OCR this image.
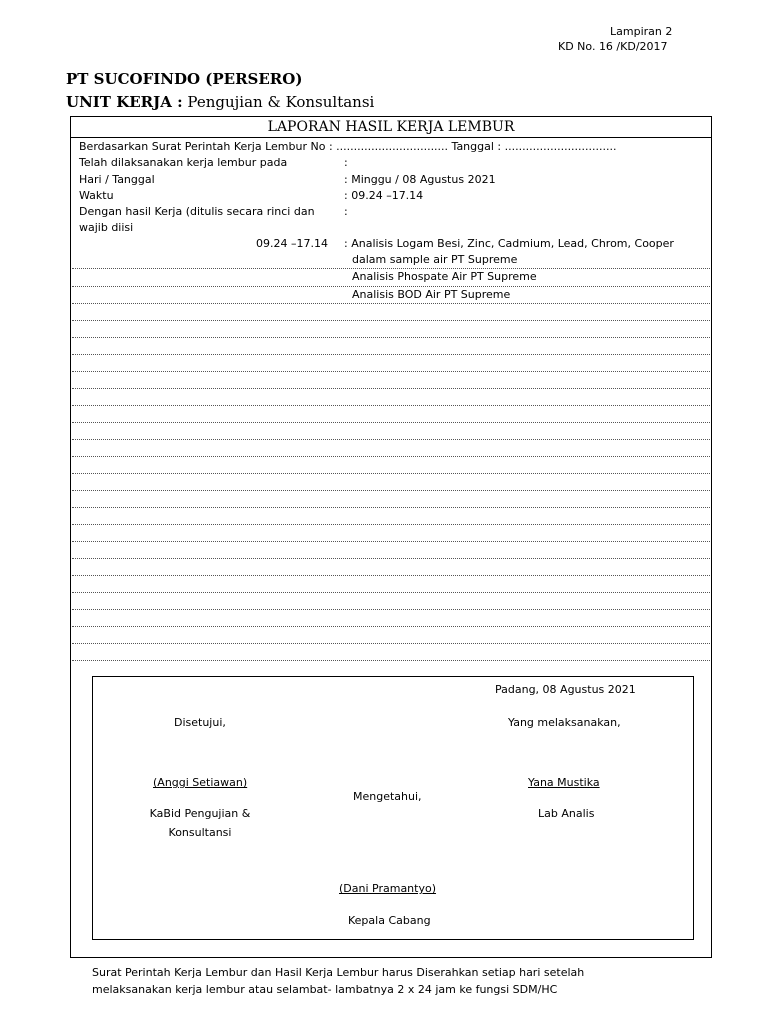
Lampiran 2
KD No. 16 /KD/2017
PT SUCOFINDO (PERSERO)
UNIT KERJA : Pengujian & Konsultansi
LAPORAN HASIL KERJA LEMBUR
Berdasarkan Surat Perintah Kerja Lembur No : ................................ Tanggal : ................................
Telah dilaksanakan kerja lembur pada	:
Hari / Tanggal	: Minggu / 08 Agustus 2021
Waktu	: 09.24 –17.14
Dengan hasil Kerja (ditulis secara rinci dan	:
wajib diisi
09.24 –17.14 : Analisis Logam Besi, Zinc, Cadmium, Lead, Chrom, Cooper
dalam sample air PT Supreme
Analisis Phospate Air PT Supreme
Analisis BOD Air PT Supreme
Padang, 08 Agustus 2021
Disetujui,	Yang melaksanakan,
(Anggi Setiawan)	Yana Mustika
Mengetahui,
KaBid Pengujian &
Konsultansi
Lab Analis
(Dani Pramantyo)
Kepala Cabang
Surat Perintah Kerja Lembur dan Hasil Kerja Lembur harus Diserahkan setiap hari setelah
melaksanakan kerja lembur atau selambat- lambatnya 2 x 24 jam ke fungsi SDM/HC
